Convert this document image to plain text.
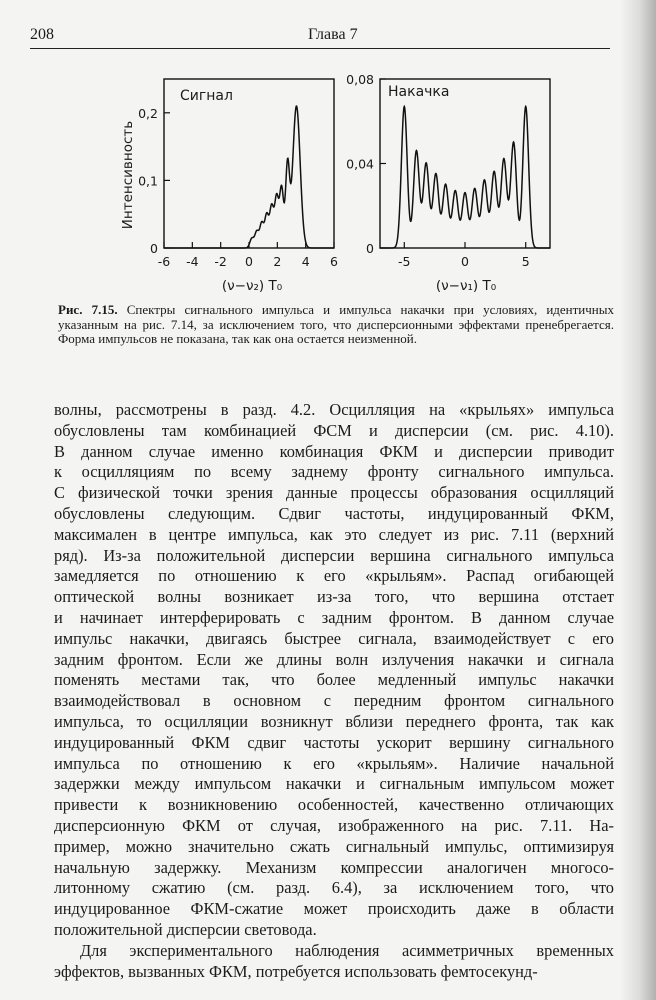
208	Глава 7
Сигнал
Интенсивность
0
0,1
0,2
-6 -4 -2 0 2 4 6
(ν−ν₂) T₀
Накачка
0
0,04
0,08
-5	0	5
(ν−ν₁) T₀
Рис. 7.15. Спектры сигнального импульса и импульса накачки при условиях, идентичных указанным на рис. 7.14, за исключением того, что дисперсионными эффектами пренебрегается. Форма импульсов не показана, так как она остается неизменной.
волны, рассмотрены в разд. 4.2. Осцилляция на «крыльях» импульса
обусловлены там комбинацией ФСМ и дисперсии (см. рис. 4.10).
В данном случае именно комбинация ФКМ и дисперсии приводит
к осцилляциям по всему заднему фронту сигнального импульса.
С физической точки зрения данные процессы образования осцилляций
обусловлены следующим. Сдвиг частоты, индуцированный ФКМ,
максимален в центре импульса, как это следует из рис. 7.11 (верхний
ряд). Из-за положительной дисперсии вершина сигнального импульса
замедляется по отношению к его «крыльям». Распад огибающей
оптической волны возникает из-за того, что вершина отстает
и начинает интерферировать с задним фронтом. В данном случае
импульс накачки, двигаясь быстрее сигнала, взаимодействует с его
задним фронтом. Если же длины волн излучения накачки и сигнала
поменять местами так, что более медленный импульс накачки
взаимодействовал в основном с передним фронтом сигнального
импульса, то осцилляции возникнут вблизи переднего фронта, так как
индуцированный ФКМ сдвиг частоты ускорит вершину сигнального
импульса по отношению к его «крыльям». Наличие начальной
задержки между импульсом накачки и сигнальным импульсом может
привести к возникновению особенностей, качественно отличающих
дисперсионную ФКМ от случая, изображенного на рис. 7.11. На-
пример, можно значительно сжать сигнальный импульс, оптимизируя
начальную задержку. Механизм компрессии аналогичен многосо-
литонному сжатию (см. разд. 6.4), за исключением того, что
индуцированное ФКМ-сжатие может происходить даже в области
положительной дисперсии световода.
Для экспериментального наблюдения асимметричных временных
эффектов, вызванных ФКМ, потребуется использовать фемтосекунд-
